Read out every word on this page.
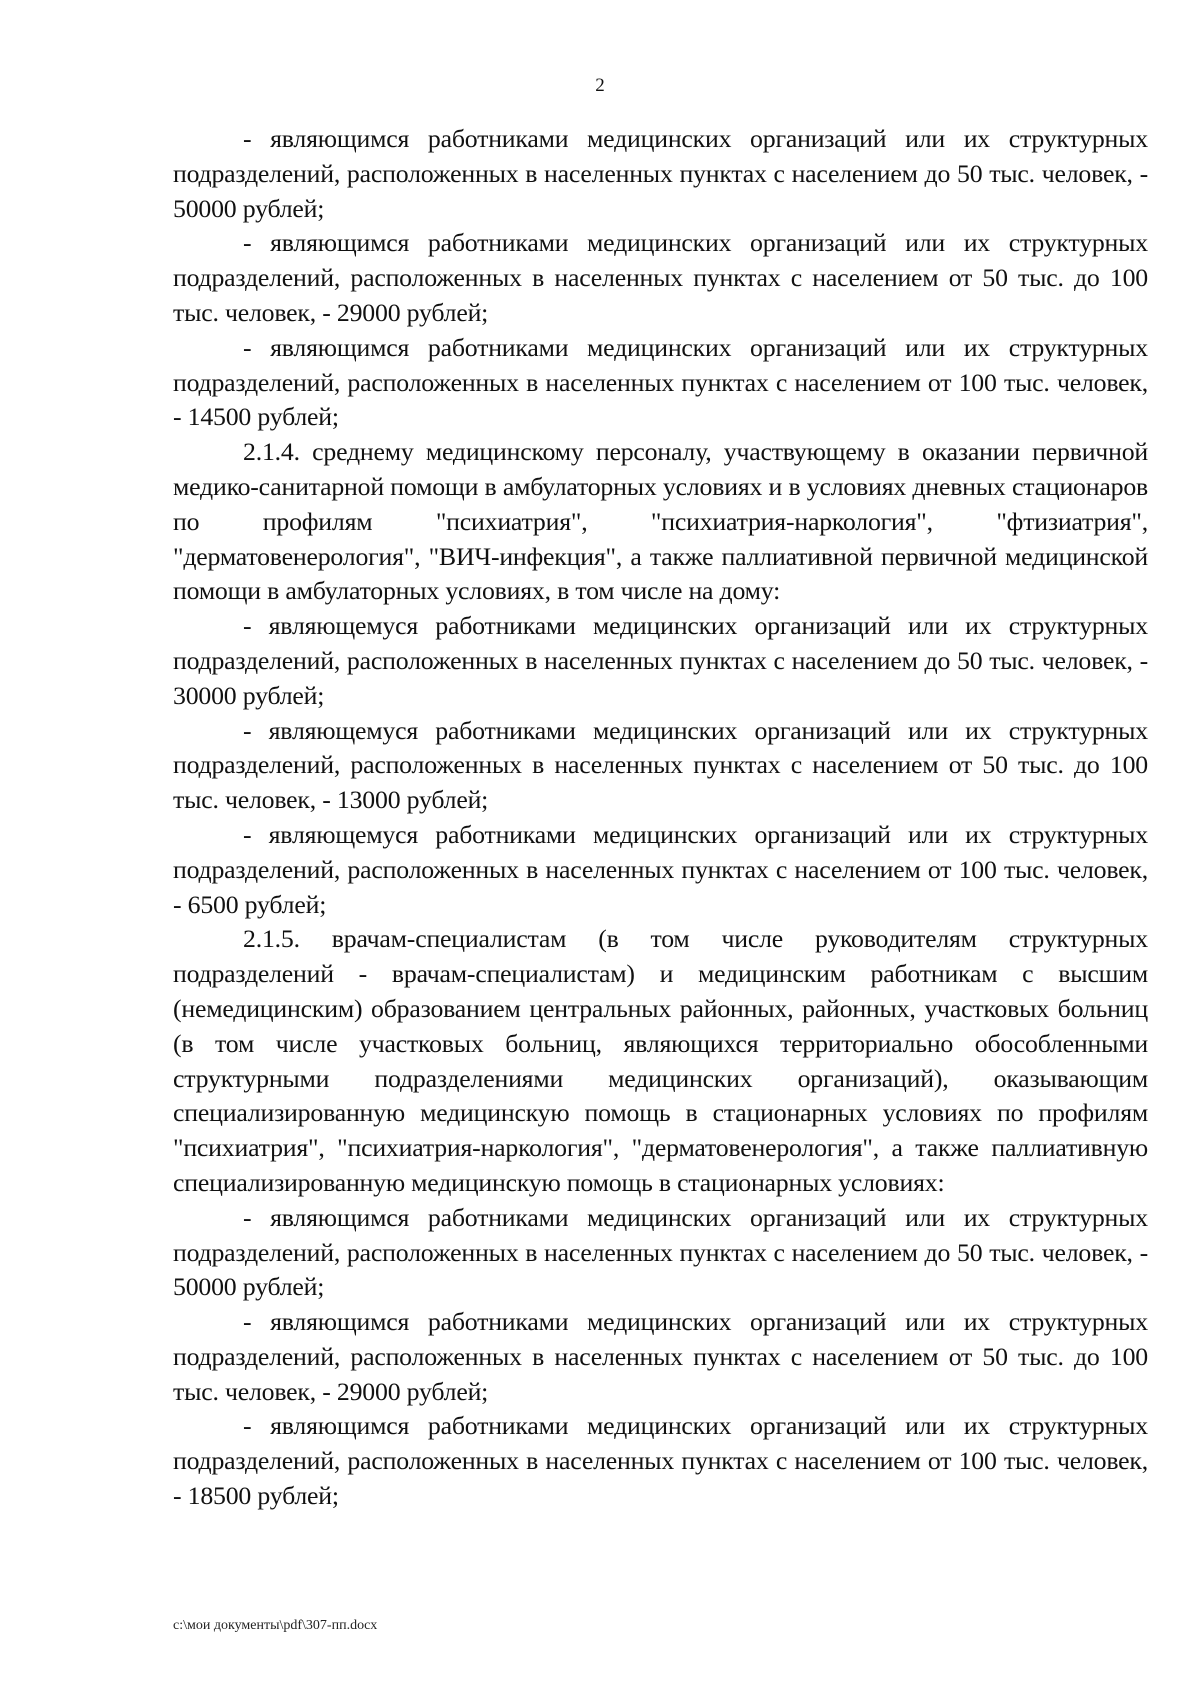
2

- являющимся работниками медицинских организаций или их структурных подразделений, расположенных в населенных пунктах с населением до 50 тыс. человек, - 50000 рублей;

- являющимся работниками медицинских организаций или их структурных подразделений, расположенных в населенных пунктах с населением от 50 тыс. до 100 тыс. человек, - 29000 рублей;

- являющимся работниками медицинских организаций или их структурных подразделений, расположенных в населенных пунктах с населением от 100 тыс. человек, - 14500 рублей;

2.1.4. среднему медицинскому персоналу, участвующему в оказании первичной медико-санитарной помощи в амбулаторных условиях и в условиях дневных стационаров по профилям "психиатрия", "психиатрия-наркология", "фтизиатрия", "дерматовенерология", "ВИЧ-инфекция", а также паллиативной первичной медицинской помощи в амбулаторных условиях, в том числе на дому:

- являющемуся работниками медицинских организаций или их структурных подразделений, расположенных в населенных пунктах с населением до 50 тыс. человек, - 30000 рублей;

- являющемуся работниками медицинских организаций или их структурных подразделений, расположенных в населенных пунктах с населением от 50 тыс. до 100 тыс. человек, - 13000 рублей;

- являющемуся работниками медицинских организаций или их структурных подразделений, расположенных в населенных пунктах с населением от 100 тыс. человек, - 6500 рублей;

2.1.5. врачам-специалистам (в том числе руководителям структурных подразделений - врачам-специалистам) и медицинским работникам с высшим (немедицинским) образованием центральных районных, районных, участковых больниц (в том числе участковых больниц, являющихся территориально обособленными структурными подразделениями медицинских организаций), оказывающим специализированную медицинскую помощь в стационарных условиях по профилям "психиатрия", "психиатрия-наркология", "дерматовенерология", а также паллиативную специализированную медицинскую помощь в стационарных условиях:

- являющимся работниками медицинских организаций или их структурных подразделений, расположенных в населенных пунктах с населением до 50 тыс. человек, - 50000 рублей;

- являющимся работниками медицинских организаций или их структурных подразделений, расположенных в населенных пунктах с населением от 50 тыс. до 100 тыс. человек, - 29000 рублей;

- являющимся работниками медицинских организаций или их структурных подразделений, расположенных в населенных пунктах с населением от 100 тыс. человек, - 18500 рублей;

c:\мои документы\pdf\307-пп.docx
